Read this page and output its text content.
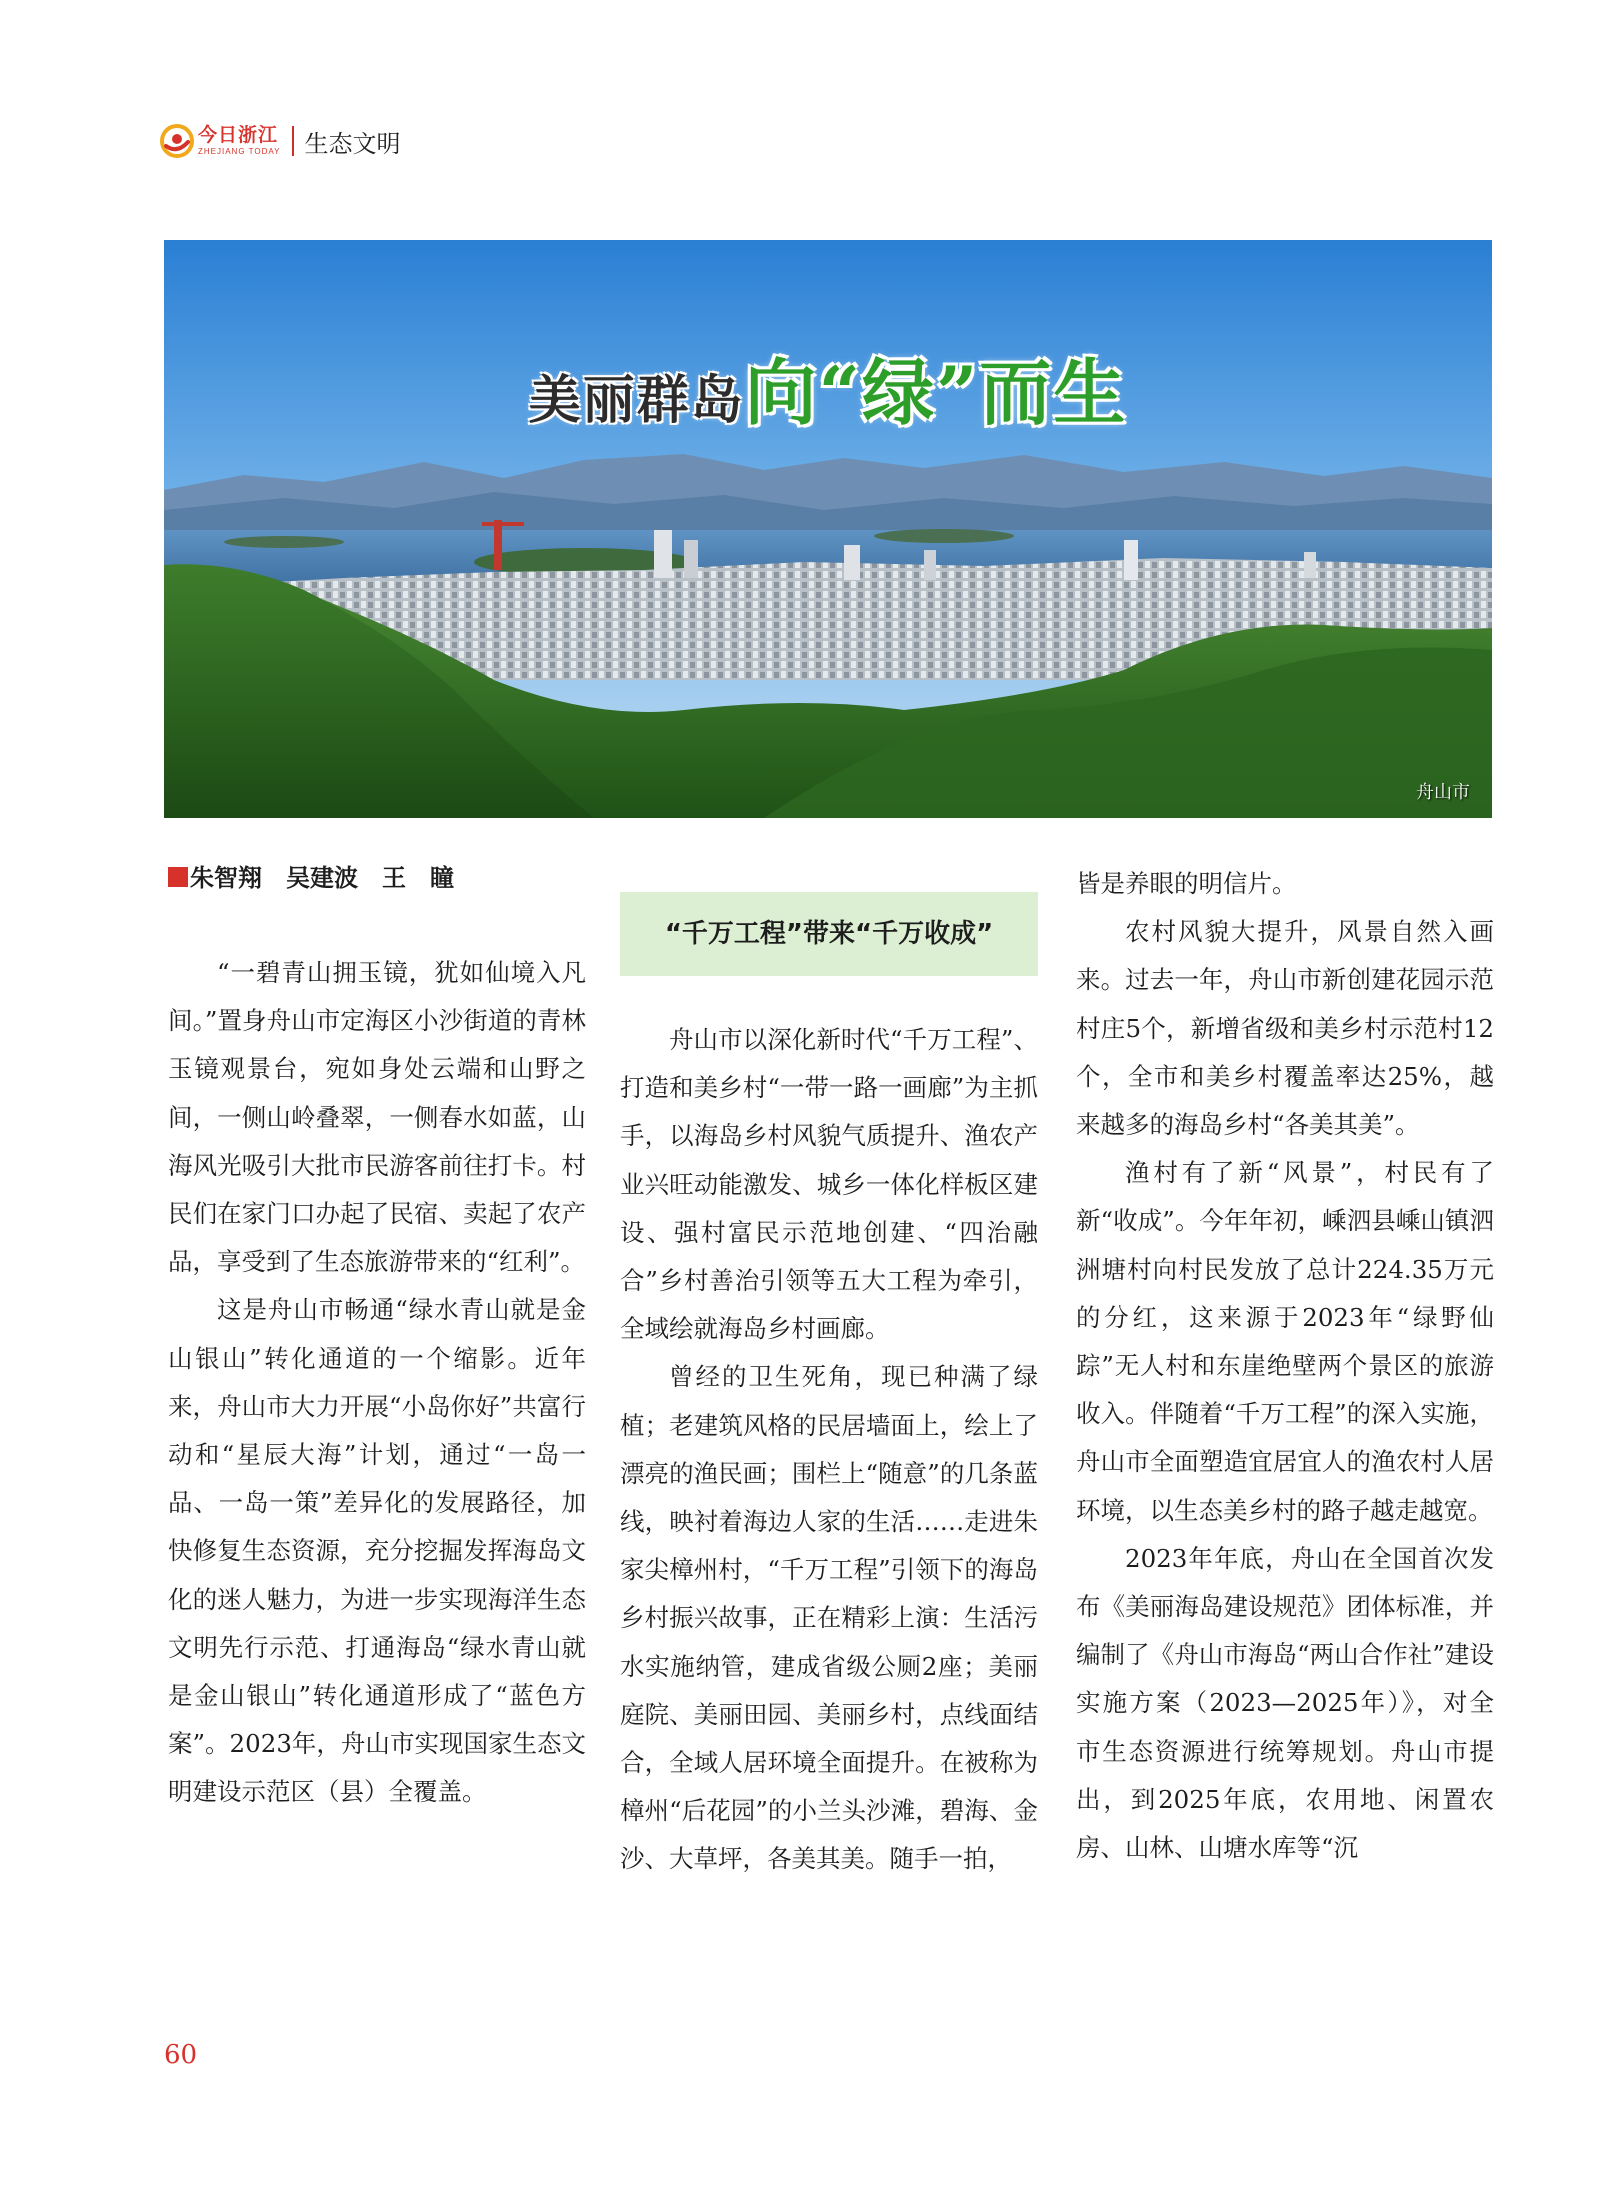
今日浙江
ZHEJIANG TODAY 生态文明
美丽群岛向“绿”而生
舟山市
朱智翔　吴建波　王　瞳

“一碧青山拥玉镜，犹如仙境入凡间。”置身舟山市定海区小沙街道的青林玉镜观景台，宛如身处云端和山野之间，一侧山岭叠翠，一侧春水如蓝，山海风光吸引大批市民游客前往打卡。村民们在家门口办起了民宿、卖起了农产品，享受到了生态旅游带来的“红利”。

这是舟山市畅通“绿水青山就是金山银山”转化通道的一个缩影。近年来，舟山市大力开展“小岛你好”共富行动和“星辰大海”计划，通过“一岛一品、一岛一策”差异化的发展路径，加快修复生态资源，充分挖掘发挥海岛文化的迷人魅力，为进一步实现海洋生态文明先行示范、打通海岛“绿水青山就是金山银山”转化通道形成了“蓝色方案”。2023年，舟山市实现国家生态文明建设示范区（县）全覆盖。

“千万工程”带来“千万收成”

舟山市以深化新时代“千万工程”、打造和美乡村“一带一路一画廊”为主抓手，以海岛乡村风貌气质提升、渔农产业兴旺动能激发、城乡一体化样板区建设、强村富民示范地创建、“四治融合”乡村善治引领等五大工程为牵引，全域绘就海岛乡村画廊。

曾经的卫生死角，现已种满了绿植；老建筑风格的民居墙面上，绘上了漂亮的渔民画；围栏上“随意”的几条蓝线，映衬着海边人家的生活……走进朱家尖樟州村，“千万工程”引领下的海岛乡村振兴故事，正在精彩上演：生活污水实施纳管，建成省级公厕2座；美丽庭院、美丽田园、美丽乡村，点线面结合，全域人居环境全面提升。在被称为樟州“后花园”的小兰头沙滩，碧海、金沙、大草坪，各美其美。随手一拍，

皆是养眼的明信片。

农村风貌大提升，风景自然入画来。过去一年，舟山市新创建花园示范村庄5个，新增省级和美乡村示范村12个，全市和美乡村覆盖率达25%，越来越多的海岛乡村“各美其美”。

渔村有了新“风景”，村民有了新“收成”。今年年初，嵊泗县嵊山镇泗洲塘村向村民发放了总计224.35万元的分红，这来源于2023年“绿野仙踪”无人村和东崖绝壁两个景区的旅游收入。伴随着“千万工程”的深入实施，舟山市全面塑造宜居宜人的渔农村人居环境，以生态美乡村的路子越走越宽。

2023年年底，舟山在全国首次发布《美丽海岛建设规范》团体标准，并编制了《舟山市海岛“两山合作社”建设实施方案（2023—2025年）》，对全市生态资源进行统筹规划。舟山市提出，到2025年底，农用地、闲置农房、山林、山塘水库等“沉

60
